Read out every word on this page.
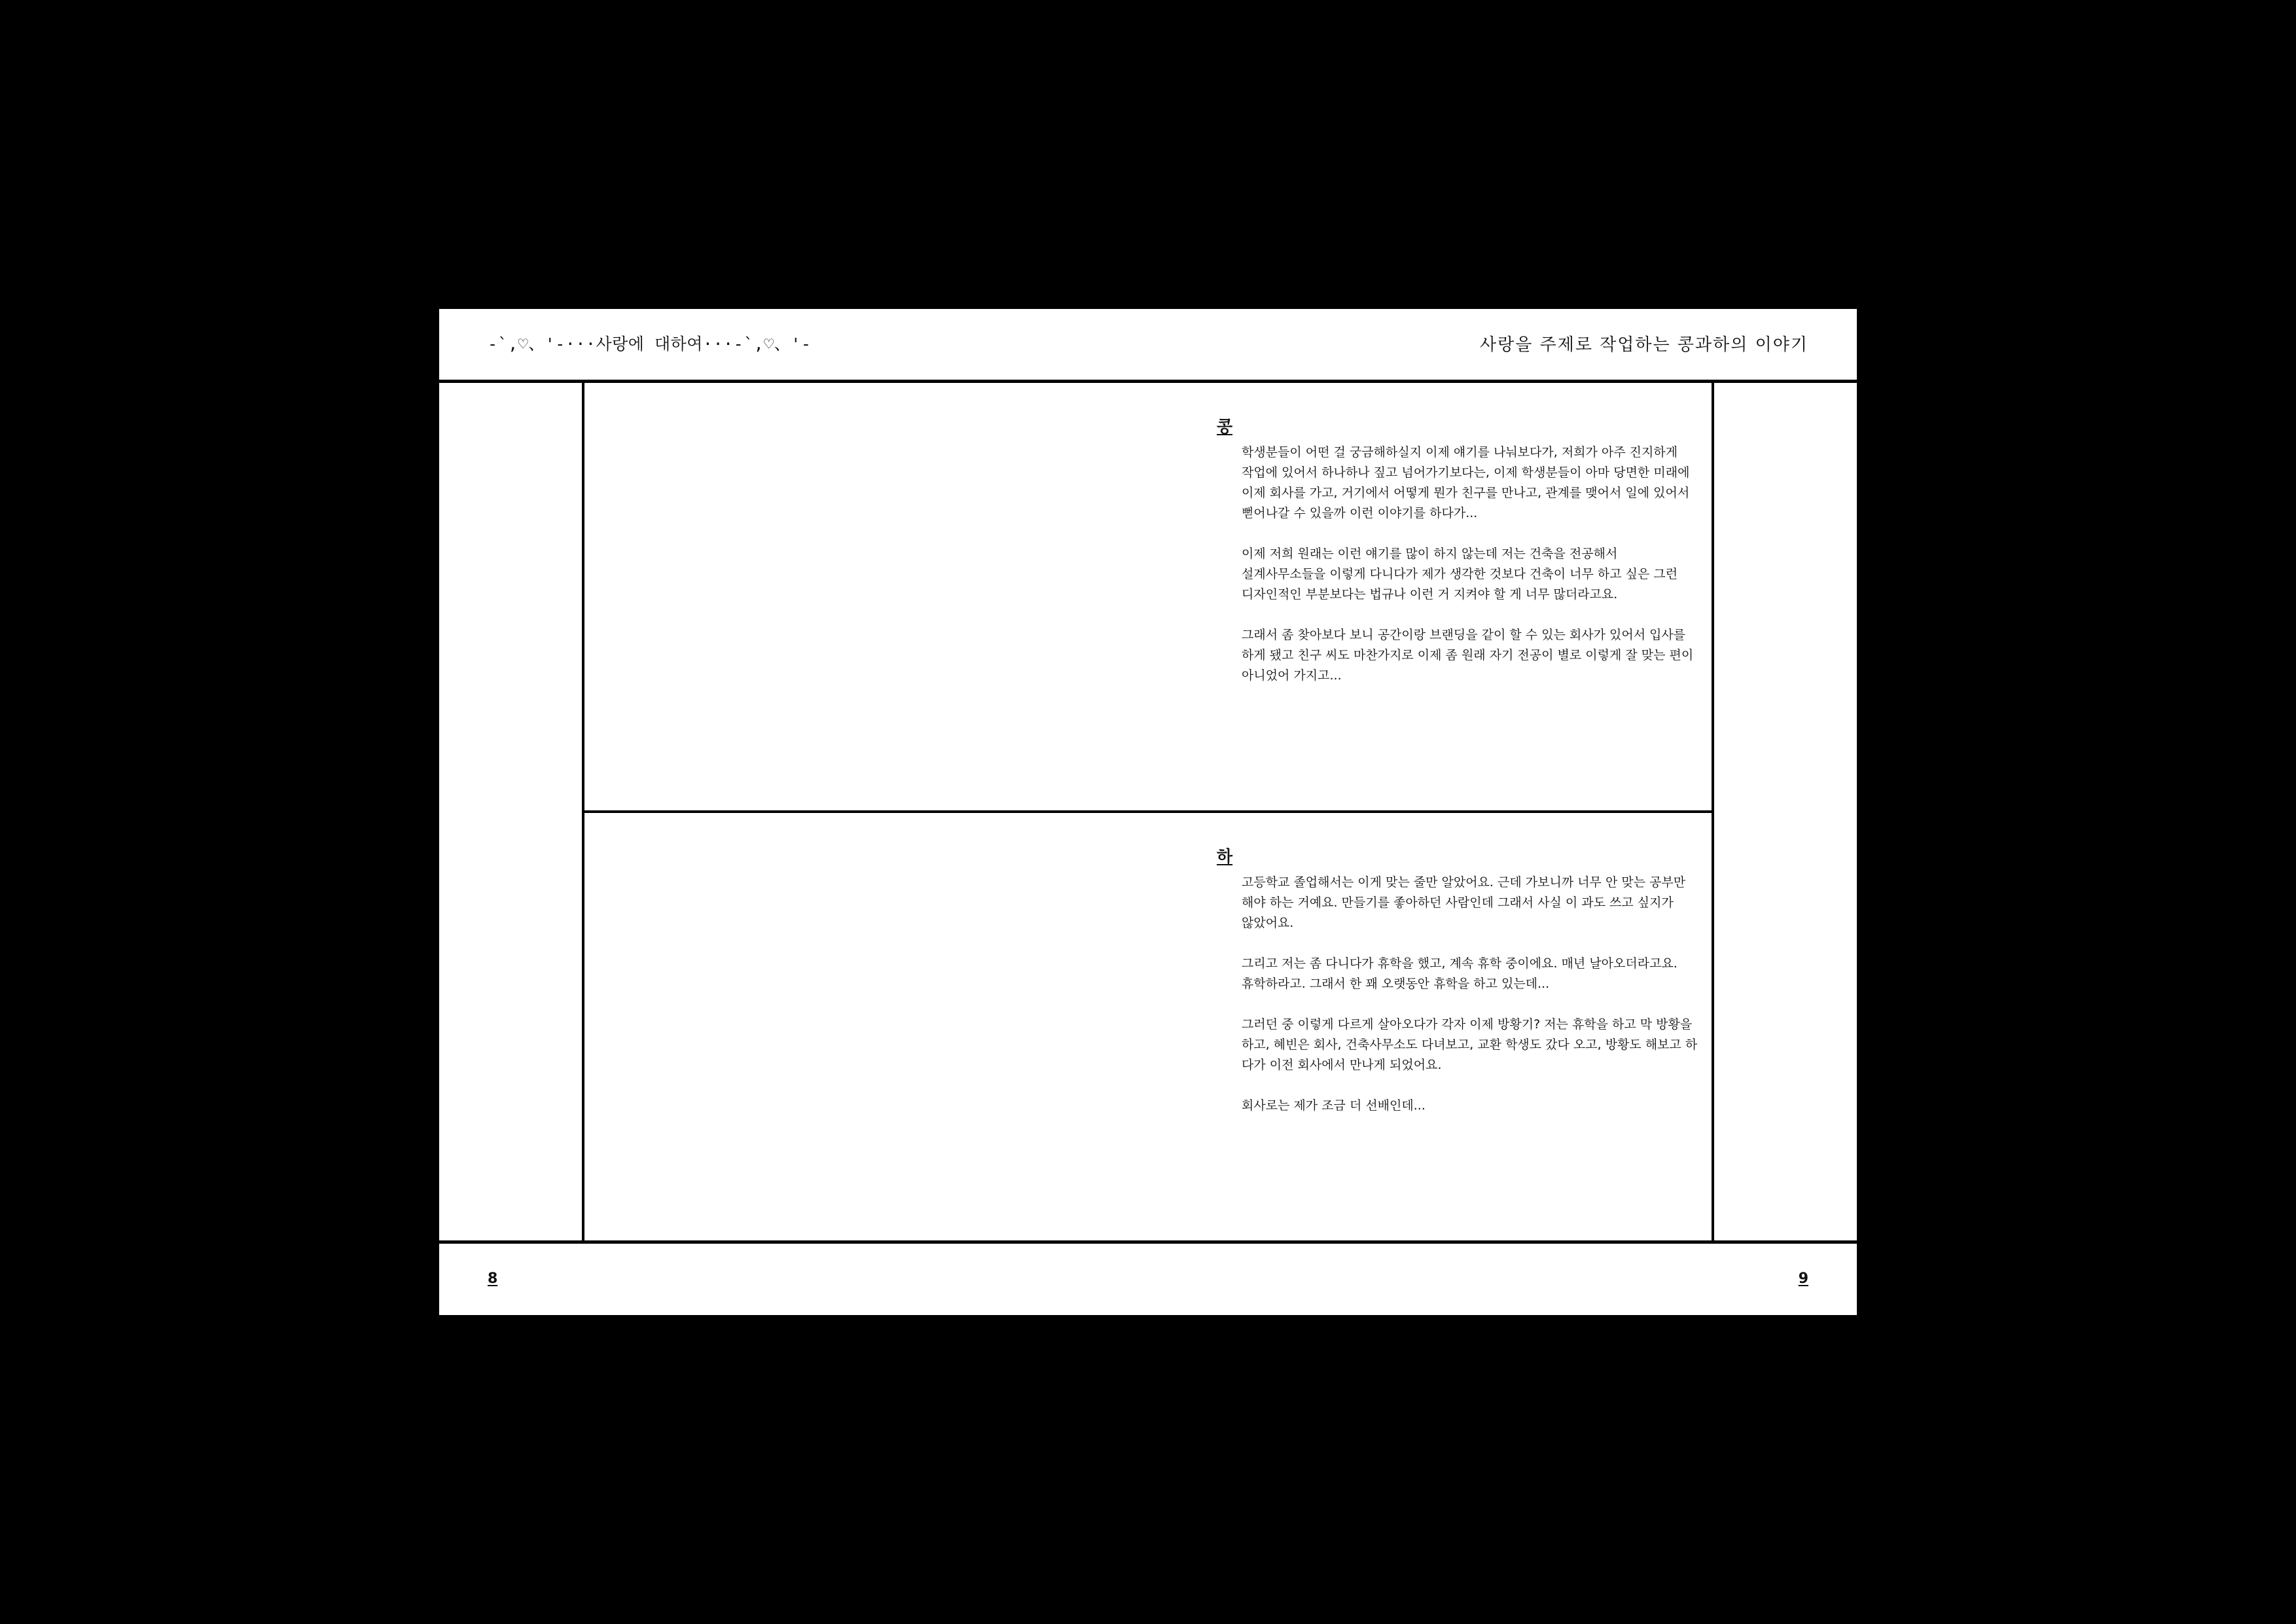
-`,♡、'-···사랑에 대하여···-`,♡、'-	사랑을 주제로 작업하는 콩과하의 이야기
콩

학생분들이 어떤 걸 궁금해하실지 이제 얘기를 나눠보다가, 저희가 아주 진지하게
작업에 있어서 하나하나 짚고 넘어가기보다는, 이제 학생분들이 아마 당면한 미래에
이제 회사를 가고, 거기에서 어떻게 뭔가 친구를 만나고, 관계를 맺어서 일에 있어서
뻗어나갈 수 있을까 이런 이야기를 하다가...

이제 저희 원래는 이런 얘기를 많이 하지 않는데 저는 건축을 전공해서
설계사무소들을 이렇게 다니다가 제가 생각한 것보다 건축이 너무 하고 싶은 그런
디자인적인 부분보다는 법규나 이런 거 지켜야 할 게 너무 많더라고요.

그래서 좀 찾아보다 보니 공간이랑 브랜딩을 같이 할 수 있는 회사가 있어서 입사를
하게 됐고 친구 씨도 마찬가지로 이제 좀 원래 자기 전공이 별로 이렇게 잘 맞는 편이
아니었어 가지고...

하

고등학교 졸업해서는 이게 맞는 줄만 알았어요. 근데 가보니까 너무 안 맞는 공부만
해야 하는 거예요. 만들기를 좋아하던 사람인데 그래서 사실 이 과도 쓰고 싶지가
않았어요.

그리고 저는 좀 다니다가 휴학을 했고, 계속 휴학 중이에요. 매년 날아오더라고요.
휴학하라고. 그래서 한 꽤 오랫동안 휴학을 하고 있는데...

그러던 중 이렇게 다르게 살아오다가 각자 이제 방황기? 저는 휴학을 하고 막 방황을
하고, 혜빈은 회사, 건축사무소도 다녀보고, 교환 학생도 갔다 오고, 방황도 해보고 하
다가 이전 회사에서 만나게 되었어요.

회사로는 제가 조금 더 선배인데...

8	9
